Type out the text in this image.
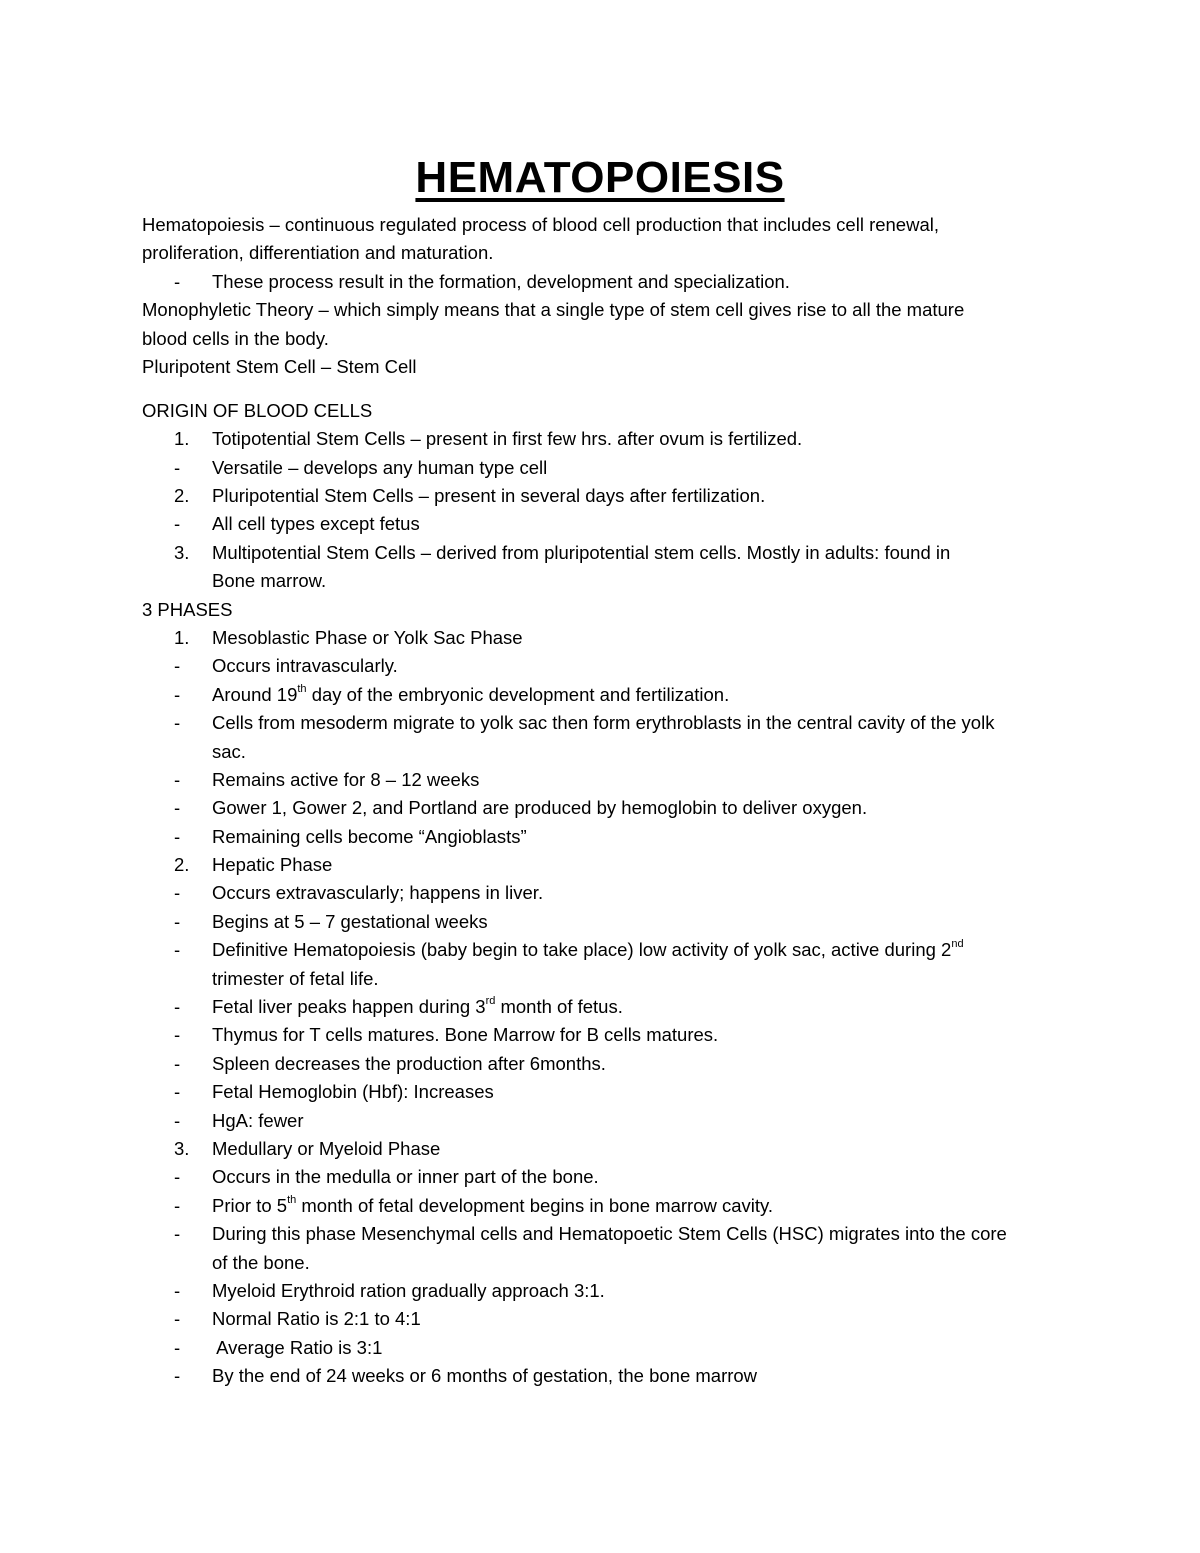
HEMATOPOIESIS
Hematopoiesis – continuous regulated process of blood cell production that includes cell renewal,
proliferation, differentiation and maturation.
- These process result in the formation, development and specialization.
Monophyletic Theory – which simply means that a single type of stem cell gives rise to all the mature
blood cells in the body.
Pluripotent Stem Cell – Stem Cell
ORIGIN OF BLOOD CELLS
1. Totipotential Stem Cells – present in first few hrs. after ovum is fertilized.
- Versatile – develops any human type cell
2. Pluripotential Stem Cells – present in several days after fertilization.
- All cell types except fetus
3. Multipotential Stem Cells – derived from pluripotential stem cells. Mostly in adults: found in
Bone marrow.
3 PHASES
1. Mesoblastic Phase or Yolk Sac Phase
- Occurs intravascularly.
- Around 19th day of the embryonic development and fertilization.
- Cells from mesoderm migrate to yolk sac then form erythroblasts in the central cavity of the yolk
sac.
- Remains active for 8 – 12 weeks
- Gower 1, Gower 2, and Portland are produced by hemoglobin to deliver oxygen.
- Remaining cells become “Angioblasts”
2. Hepatic Phase
- Occurs extravascularly; happens in liver.
- Begins at 5 – 7 gestational weeks
- Definitive Hematopoiesis (baby begin to take place) low activity of yolk sac, active during 2nd
trimester of fetal life.
- Fetal liver peaks happen during 3rd month of fetus.
- Thymus for T cells matures. Bone Marrow for B cells matures.
- Spleen decreases the production after 6months.
- Fetal Hemoglobin (Hbf): Increases
- HgA: fewer
3. Medullary or Myeloid Phase
- Occurs in the medulla or inner part of the bone.
- Prior to 5th month of fetal development begins in bone marrow cavity.
- During this phase Mesenchymal cells and Hematopoetic Stem Cells (HSC) migrates into the core
of the bone.
- Myeloid Erythroid ration gradually approach 3:1.
- Normal Ratio is 2:1 to 4:1
- Average Ratio is 3:1
- By the end of 24 weeks or 6 months of gestation, the bone marrow
